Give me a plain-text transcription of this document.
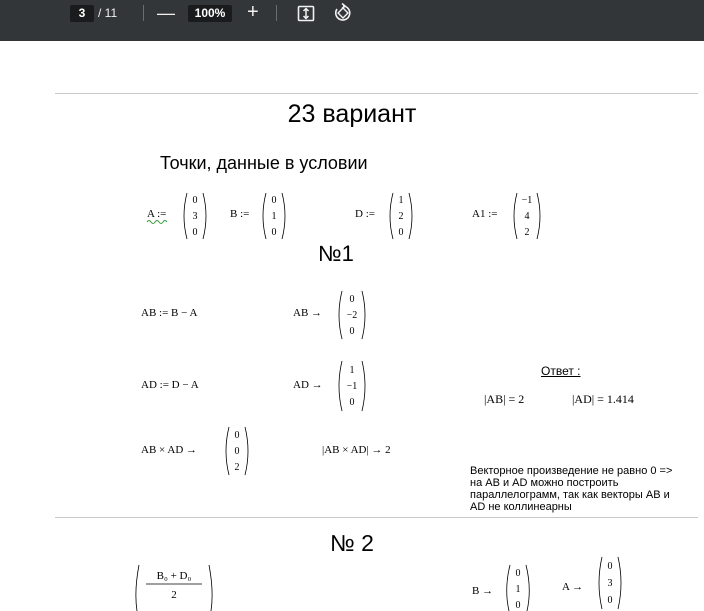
3	/ 11 —	100%	+
23 вариант
Точки, данные в условии
A :=
0
3
0
B :=
0
1
0
D :=
1
2
0
A1 :=
−1
4
2
№1
AB := B − A	AB →
0
−2
0
AD := D − A	AD →
1
−1
0
Ответ :
|AB| = 2	|AD| = 1.414
AB × AD →
0
0
2
|AB × AD| → 2
Векторное произведение не равно 0 => на AB и AD можно построить параллелограмм, так как векторы AB и AD не коллинеарны
№ 2
B₀ + D₀
2	B →
0
1
0
A →
0
3
0
